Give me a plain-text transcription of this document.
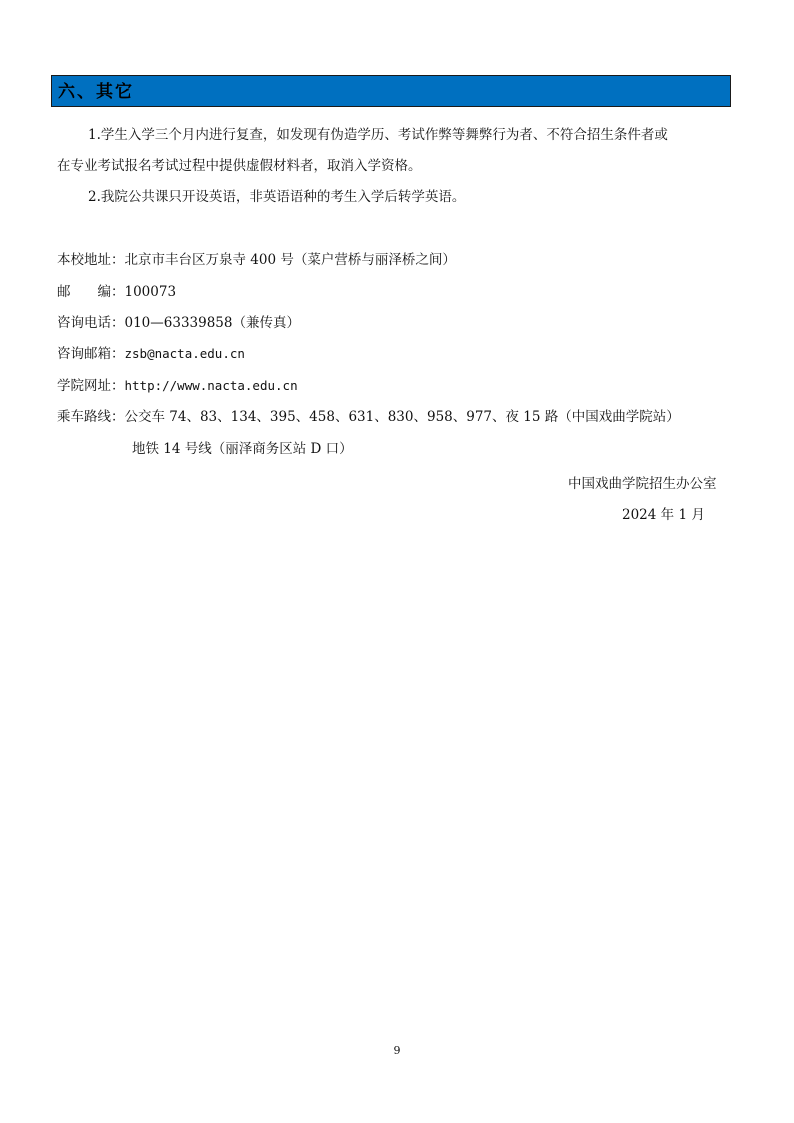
六、其它
1.学生入学三个月内进行复查，如发现有伪造学历、考试作弊等舞弊行为者、不符合招生条件者或
在专业考试报名考试过程中提供虚假材料者，取消入学资格。
2.我院公共课只开设英语，非英语语种的考生入学后转学英语。
本校地址：北京市丰台区万泉寺 400 号（菜户营桥与丽泽桥之间）
邮　　编：100073
咨询电话：010—63339858（兼传真）
咨询邮箱：zsb@nacta.edu.cn
学院网址：http://www.nacta.edu.cn
乘车路线：公交车 74、83、134、395、458、631、830、958、977、夜 15 路（中国戏曲学院站）
地铁 14 号线（丽泽商务区站 D 口）
中国戏曲学院招生办公室
2024 年 1 月
9
